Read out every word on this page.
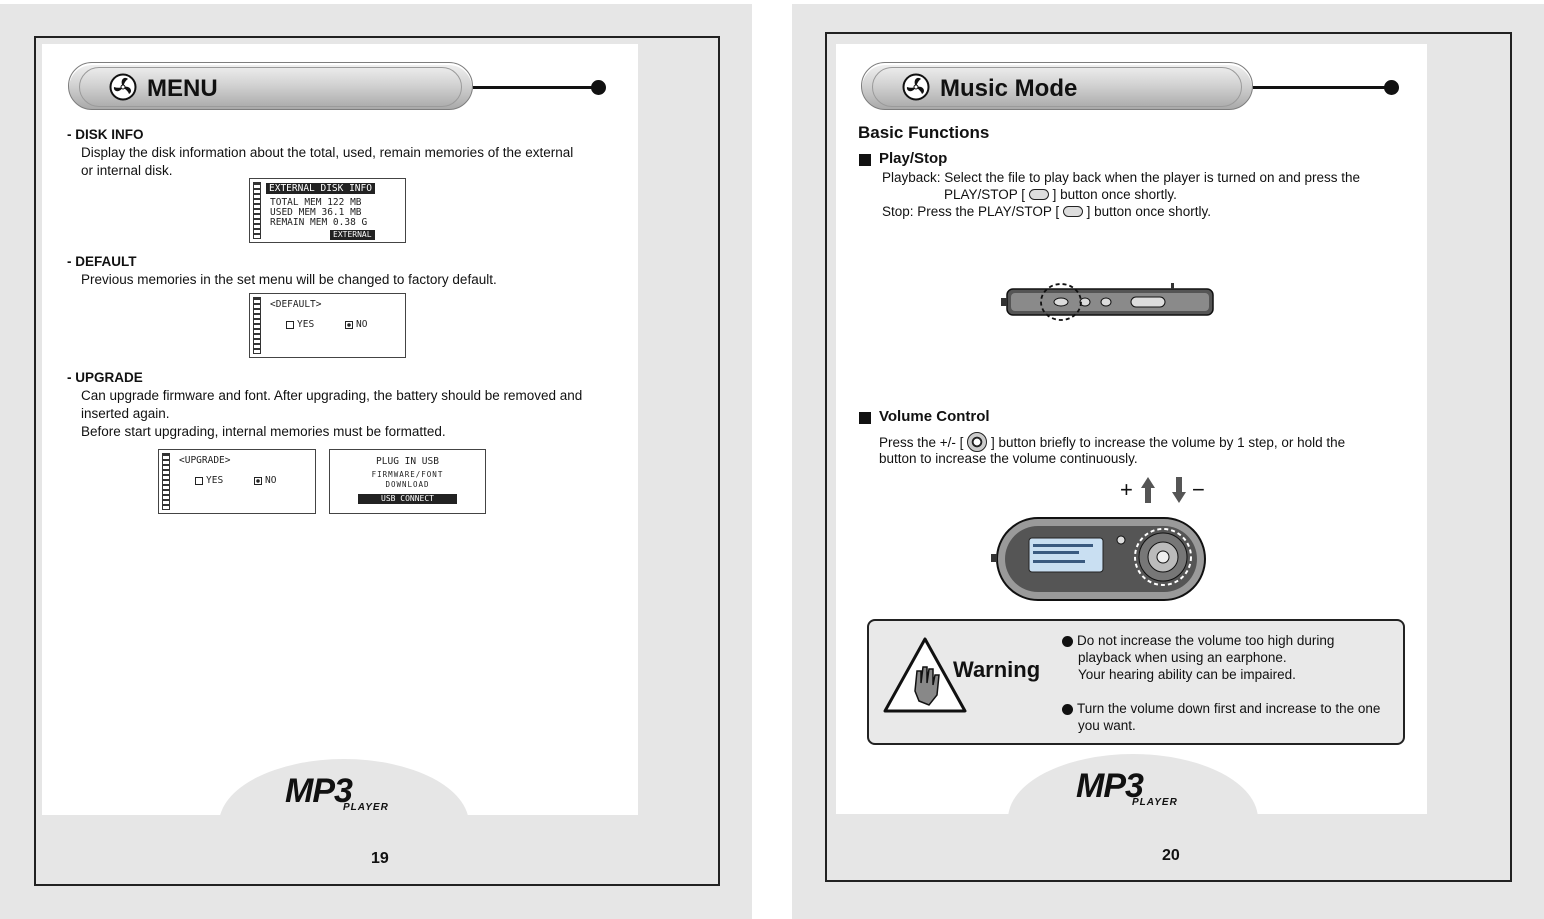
MENU
- DISK INFO
Display the disk information about the total, used, remain memories of the external
or internal disk.
EXTERNAL DISK INFO
TOTAL MEM 122 MB
USED MEM 36.1 MB
REMAIN MEM 0.38 G
EXTERNAL
- DEFAULT
Previous memories in the set menu will be changed to factory default.
<DEFAULT>
YES	NO
- UPGRADE
Can upgrade firmware and font. After upgrading, the battery should be removed and
inserted again.
Before start upgrading, internal memories must be formatted.
<UPGRADE>
YES	NO
PLUG IN USB
FIRMWARE/FONT
DOWNLOAD
USB CONNECT
MP3
PLAYER
19
Music Mode
Basic Functions
Play/Stop
Playback: Select the file to play back when the player is turned on and press the
PLAY/STOP [ ] button once shortly.
Stop: Press the PLAY/STOP [ ] button once shortly.
Volume Control
Press the +/- [ ] button briefly to increase the volume by 1 step, or hold the
button to increase the volume continuously.
+	−
Warning
Do not increase the volume too high during
playback when using an earphone.
Your hearing ability can be impaired.
Turn the volume down first and increase to the one
you want.
MP3
PLAYER
20
